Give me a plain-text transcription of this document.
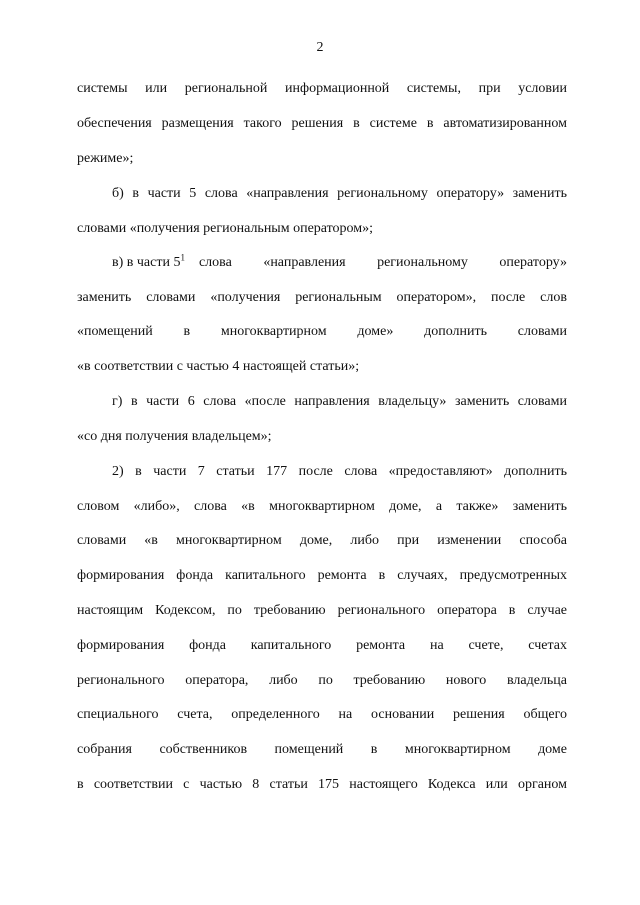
2
системы или региональной информационной системы, при условии
обеспечения размещения такого решения в системе в автоматизированном
режиме»;
б) в части 5 слова «направления региональному оператору» заменить
словами «получения региональным оператором»;
в) в части $5^1$ слова «направления региональному оператору»
заменить словами «получения региональным оператором», после слов
«помещений в многоквартирном доме» дополнить словами
«в соответствии с частью 4 настоящей статьи»;
г) в части 6 слова «после направления владельцу» заменить словами
«со дня получения владельцем»;
2) в части 7 статьи 177 после слова «предоставляют» дополнить
словом «либо», слова «в многоквартирном доме, а также» заменить
словами «в многоквартирном доме, либо при изменении способа
формирования фонда капитального ремонта в случаях, предусмотренных
настоящим Кодексом, по требованию регионального оператора в случае
формирования фонда капитального ремонта на счете, счетах
регионального оператора, либо по требованию нового владельца
специального счета, определенного на основании решения общего
собрания собственников помещений в многоквартирном доме
в соответствии с частью 8 статьи 175 настоящего Кодекса или органом
